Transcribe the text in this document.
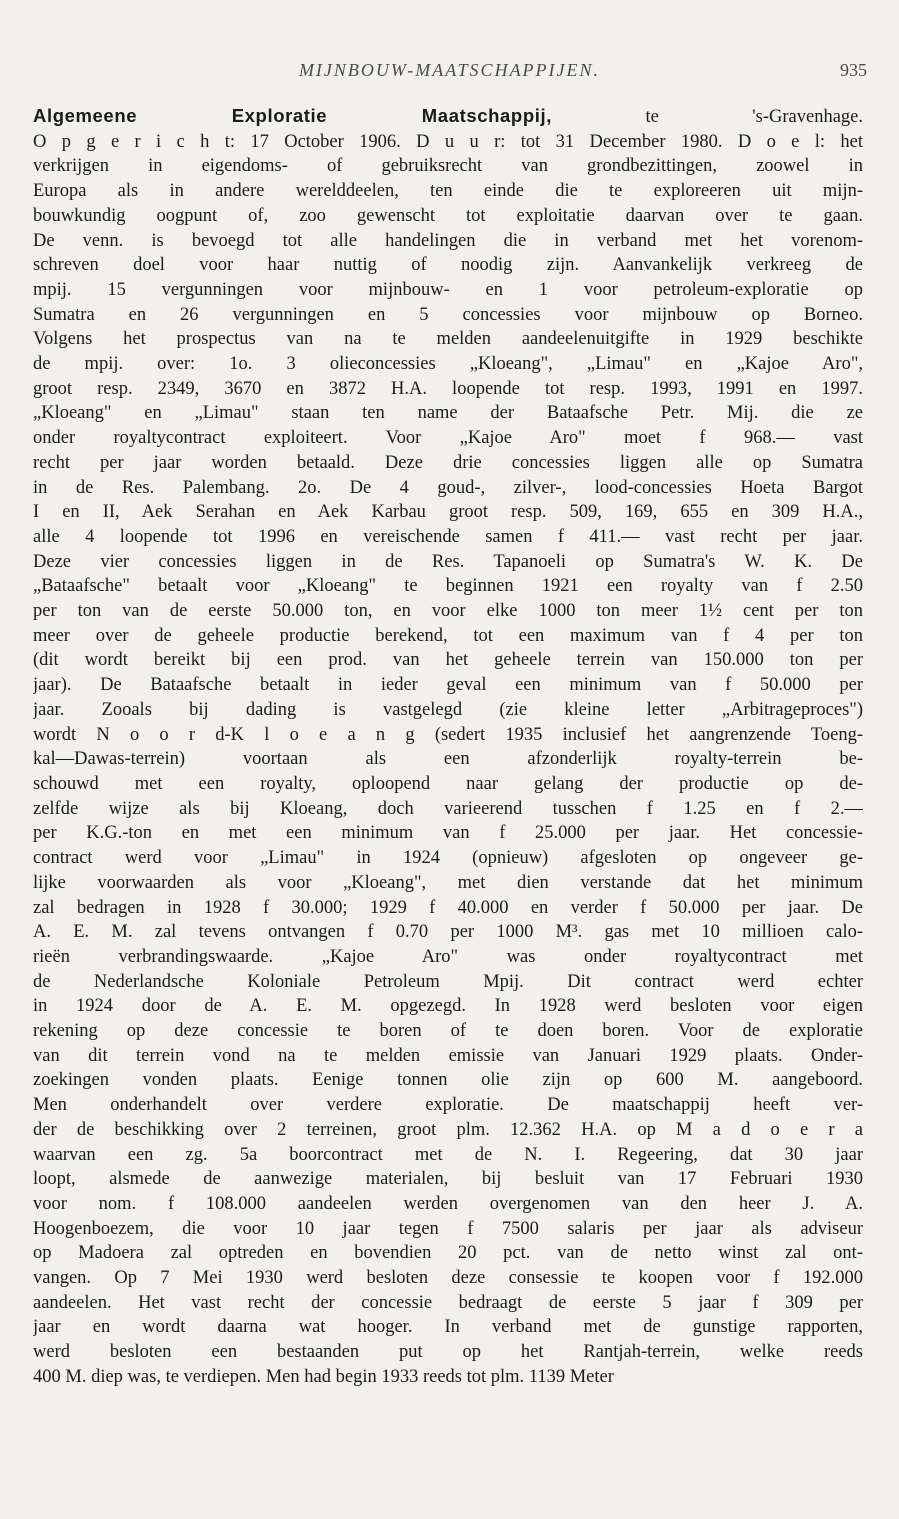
MIJNBOUW-MAATSCHAPPIJEN.	935
Algemeene Exploratie Maatschappij,	te 's-Gravenhage.
O p g e r i c h t: 17 October 1906. D u u r: tot 31 December 1980. D o e l: het
verkrijgen in eigendoms- of gebruiksrecht van grondbezittingen, zoowel in
Europa als in andere werelddeelen, ten einde die te exploreeren uit mijn-
bouwkundig oogpunt of, zoo gewenscht tot exploitatie daarvan over te gaan.
De venn. is bevoegd tot alle handelingen die in verband met het vorenom-
schreven doel voor haar nuttig of noodig zijn. Aanvankelijk verkreeg de
mpij. 15 vergunningen voor mijnbouw- en 1 voor petroleum-exploratie op
Sumatra en 26 vergunningen en 5 concessies voor mijnbouw op Borneo.
Volgens het prospectus van na te melden aandeelenuitgifte in 1929 beschikte
de mpij. over: 1o. 3 olieconcessies „Kloeang", „Limau" en „Kajoe Aro",
groot resp. 2349, 3670 en 3872 H.A. loopende tot resp. 1993, 1991 en 1997.
„Kloeang" en „Limau" staan ten name der Bataafsche Petr. Mij. die ze
onder royaltycontract exploiteert. Voor „Kajoe Aro" moet f 968.— vast
recht per jaar worden betaald. Deze drie concessies liggen alle op Sumatra
in de Res. Palembang. 2o. De 4 goud-, zilver-, lood-concessies Hoeta Bargot
I en II, Aek Serahan en Aek Karbau groot resp. 509, 169, 655 en 309 H.A.,
alle 4 loopende tot 1996 en vereischende samen f 411.— vast recht per jaar.
Deze vier concessies liggen in de Res. Tapanoeli op Sumatra's W. K. De
„Bataafsche" betaalt voor „Kloeang" te beginnen 1921 een royalty van f 2.50
per ton van de eerste 50.000 ton, en voor elke 1000 ton meer 1½ cent per ton
meer over de geheele productie berekend, tot een maximum van f 4 per ton
(dit wordt bereikt bij een prod. van het geheele terrein van 150.000 ton per
jaar). De Bataafsche betaalt in ieder geval een minimum van f 50.000 per
jaar. Zooals bij dading is vastgelegd (zie kleine letter „Arbitrageproces")
wordt N o o r d-K l o e a n g (sedert 1935 inclusief het aangrenzende Toeng-
kal—Dawas-terrein) voortaan als een afzonderlijk royalty-terrein be-
schouwd met een royalty, oploopend naar gelang der productie op de-
zelfde wijze als bij Kloeang, doch varieerend tusschen f 1.25 en f 2.—
per K.G.-ton en met een minimum van f 25.000 per jaar. Het concessie-
contract werd voor „Limau" in 1924 (opnieuw) afgesloten op ongeveer ge-
lijke voorwaarden als voor „Kloeang", met dien verstande dat het minimum
zal bedragen in 1928 f 30.000; 1929 f 40.000 en verder f 50.000 per jaar. De
A. E. M. zal tevens ontvangen f 0.70 per 1000 M³. gas met 10 millioen calo-
rieën verbrandingswaarde. „Kajoe Aro" was onder royaltycontract met
de Nederlandsche Koloniale Petroleum Mpij. Dit contract werd echter
in 1924 door de A. E. M. opgezegd. In 1928 werd besloten voor eigen
rekening op deze concessie te boren of te doen boren. Voor de exploratie
van dit terrein vond na te melden emissie van Januari 1929 plaats. Onder-
zoekingen vonden plaats. Eenige tonnen olie zijn op 600 M. aangeboord.
Men onderhandelt over verdere exploratie. De maatschappij heeft ver-
der de beschikking over 2 terreinen, groot plm. 12.362 H.A. op M a d o e r a
waarvan een zg. 5a boorcontract met de N. I. Regeering, dat 30 jaar
loopt, alsmede de aanwezige materialen, bij besluit van 17 Februari 1930
voor nom. f 108.000 aandeelen werden overgenomen van den heer J. A.
Hoogenboezem, die voor 10 jaar tegen f 7500 salaris per jaar als adviseur
op Madoera zal optreden en bovendien 20 pct. van de netto winst zal ont-
vangen. Op 7 Mei 1930 werd besloten deze consessie te koopen voor f 192.000
aandeelen. Het vast recht der concessie bedraagt de eerste 5 jaar f 309 per
jaar en wordt daarna wat hooger. In verband met de gunstige rapporten,
werd besloten een bestaanden put op het Rantjah-terrein, welke reeds
400 M. diep was, te verdiepen. Men had begin 1933 reeds tot plm. 1139 Meter
